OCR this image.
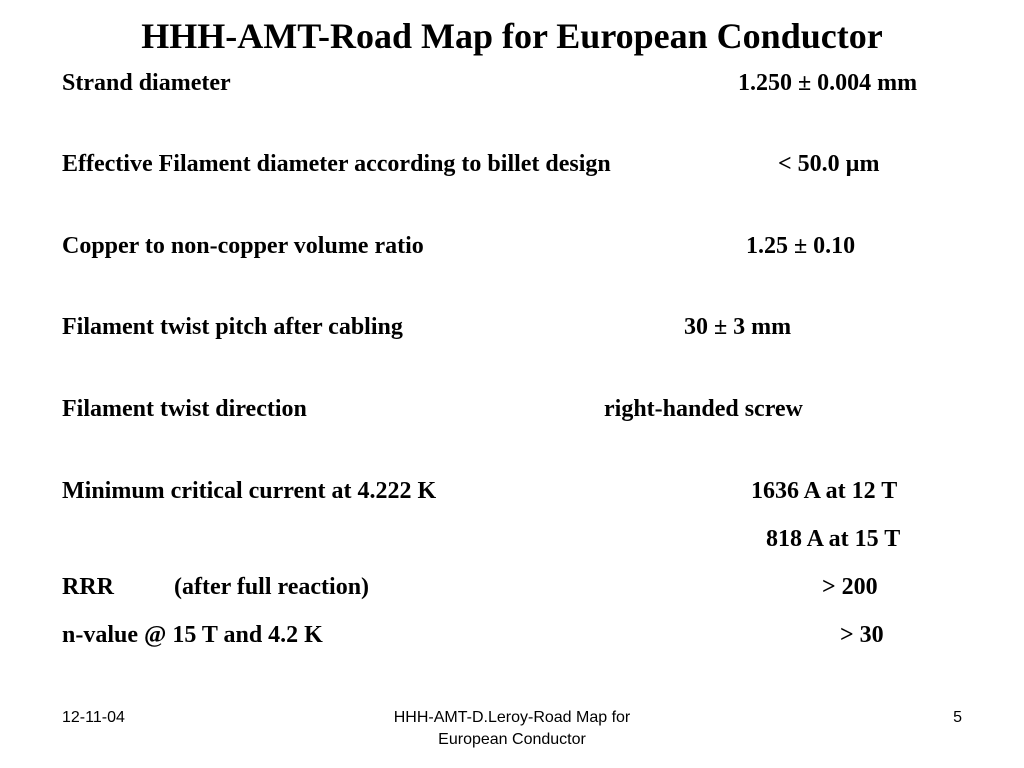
HHH-AMT-Road Map for European Conductor
Strand diameter	1.250 ± 0.004 mm
Effective Filament diameter according to billet design	< 50.0 µm
Copper to non-copper volume ratio	1.25 ± 0.10
Filament twist pitch after cabling	30 ± 3 mm
Filament twist direction	right-handed screw
Minimum critical current at 4.222 K	1636 A at 12 T
818 A at 15 T
RRR          (after full reaction)	> 200
n-value @ 15 T and 4.2 K	> 30
12-11-04	HHH-AMT-D.Leroy-Road Map for
European Conductor
5
